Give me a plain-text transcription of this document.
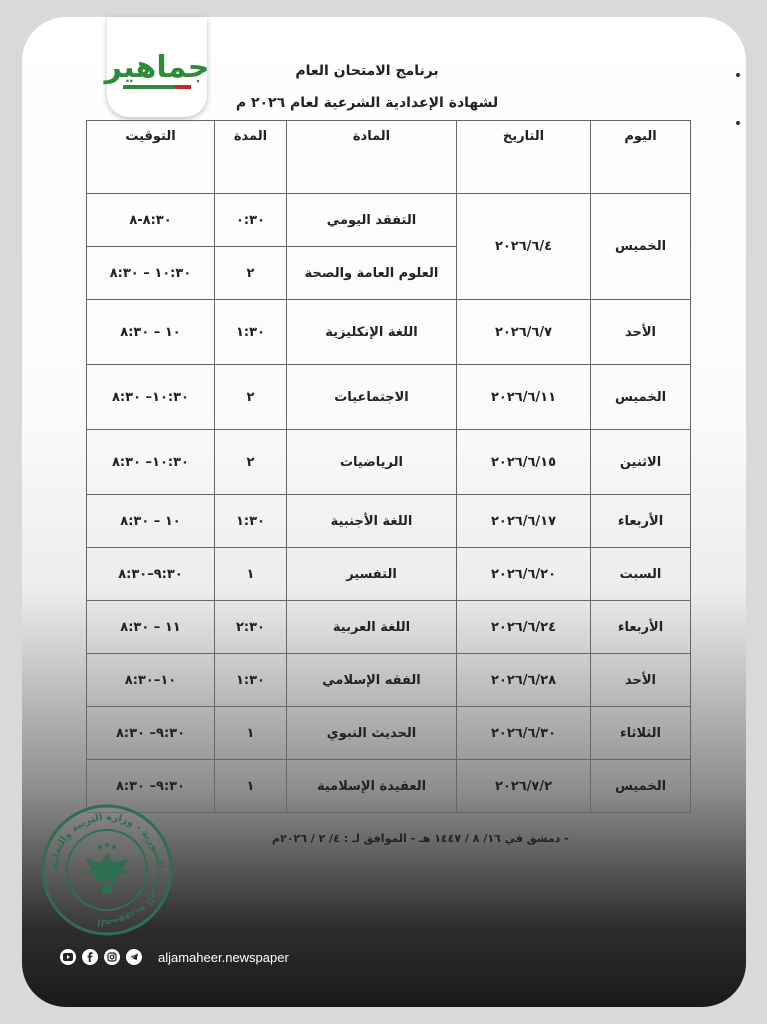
جماهير	برنامج الامتحان العام
لشهادة الإعدادية الشرعية لعام ٢٠٢٦ م
اليوم	التاريخ	المادة	المدة	التوقيت
الخميس	٢٠٢٦/٦/٤	التفقد اليومي	٠:٣٠	٨:٣٠-٨
		العلوم العامة والصحة	٢	١٠:٣٠ – ٨:٣٠
الأحد	٢٠٢٦/٦/٧	اللغة الإنكليزية	١:٣٠	١٠ – ٨:٣٠
الخميس	٢٠٢٦/٦/١١	الاجتماعيات	٢	١٠:٣٠– ٨:٣٠
الاثنين	٢٠٢٦/٦/١٥	الرياضيات	٢	١٠:٣٠– ٨:٣٠
الأربعاء	٢٠٢٦/٦/١٧	اللغة الأجنبية	١:٣٠	١٠ – ٨:٣٠
السبت	٢٠٢٦/٦/٢٠	التفسير	١	٩:٣٠–٨:٣٠
الأربعاء	٢٠٢٦/٦/٢٤	اللغة العربية	٢:٣٠	١١ – ٨:٣٠
الأحد	٢٠٢٦/٦/٢٨	الفقه الإسلامي	١:٣٠	١٠–٨:٣٠
الثلاثاء	٢٠٢٦/٦/٣٠	الحديث النبوي	١	٩:٣٠– ٨:٣٠
الخميس	٢٠٢٦/٧/٢	العقيدة الإسلامية	١	٩:٣٠– ٨:٣٠
- دمشق في ١٦/ ٨ / ١٤٤٧ هـ - الموافق لـ : ٤/ ٢ / ٢٠٢٦م
الجمهورية العربية السورية - وزارة التربية والتعليم
aljamaheer.newspaper
